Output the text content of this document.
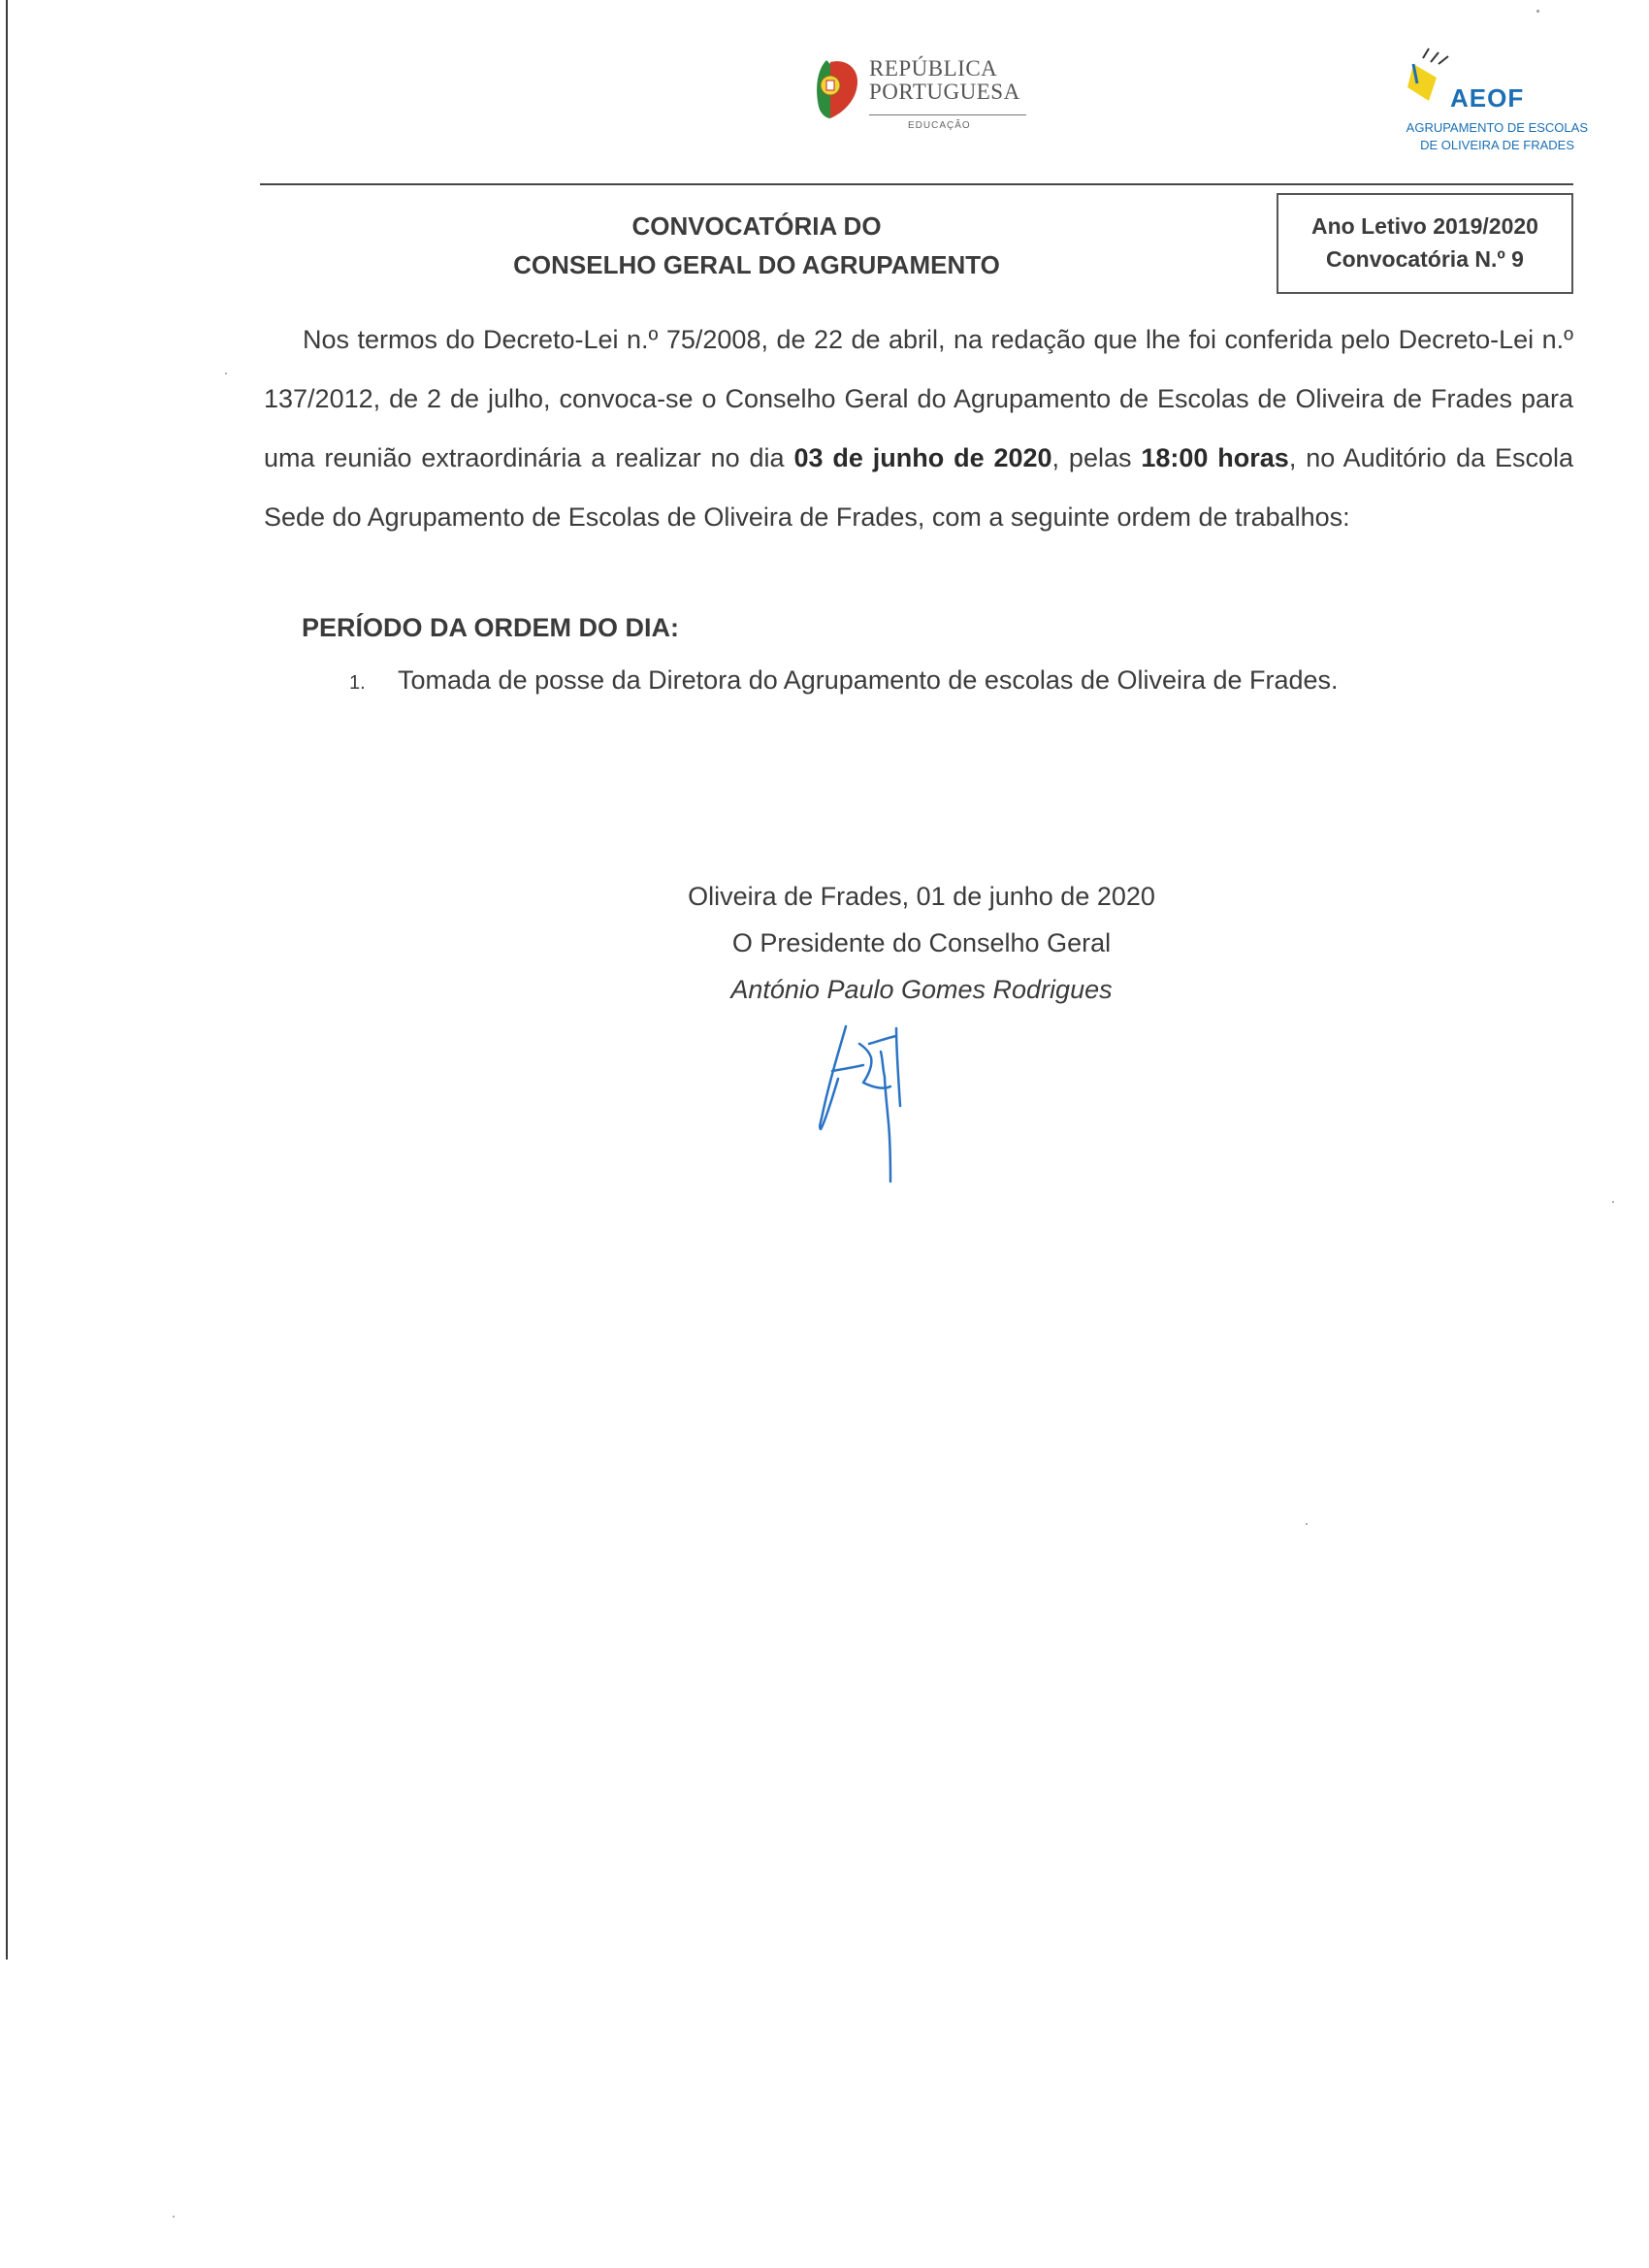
REPÚBLICA
PORTUGUESA
EDUCAÇÃO
AEOF
AGRUPAMENTO DE ESCOLAS
DE OLIVEIRA DE FRADES
CONVOCATÓRIA DO
CONSELHO GERAL DO AGRUPAMENTO
Ano Letivo 2019/2020
Convocatória N.º 9

Nos termos do Decreto-Lei n.º 75/2008, de 22 de abril, na redação que lhe foi conferida pelo Decreto-Lei n.º 137/2012, de 2 de julho, convoca-se o Conselho Geral do Agrupamento de Escolas de Oliveira de Frades para uma reunião extraordinária a realizar no dia 03 de junho de 2020, pelas 18:00 horas, no Auditório da Escola Sede do Agrupamento de Escolas de Oliveira de Frades, com a seguinte ordem de trabalhos:

PERÍODO DA ORDEM DO DIA:
1. Tomada de posse da Diretora do Agrupamento de escolas de Oliveira de Frades.
Oliveira de Frades, 01 de junho de 2020
O Presidente do Conselho Geral
António Paulo Gomes Rodrigues
